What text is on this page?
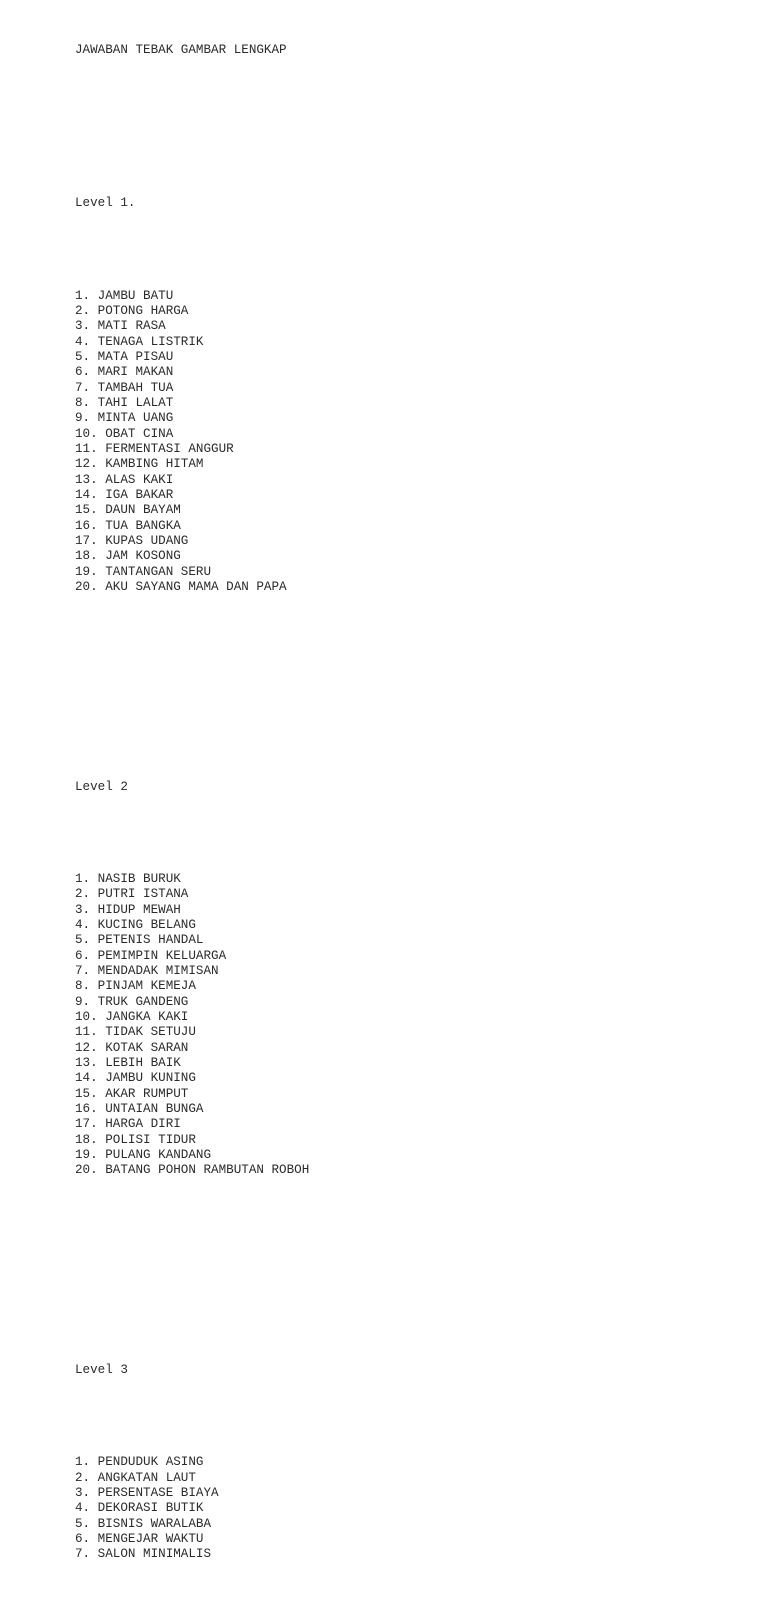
JAWABAN TEBAK GAMBAR LENGKAP

Level 1.

1. JAMBU BATU
2. POTONG HARGA
3. MATI RASA
4. TENAGA LISTRIK
5. MATA PISAU
6. MARI MAKAN
7. TAMBAH TUA
8. TAHI LALAT
9. MINTA UANG
10. OBAT CINA
11. FERMENTASI ANGGUR
12. KAMBING HITAM
13. ALAS KAKI
14. IGA BAKAR
15. DAUN BAYAM
16. TUA BANGKA
17. KUPAS UDANG
18. JAM KOSONG
19. TANTANGAN SERU
20. AKU SAYANG MAMA DAN PAPA

Level 2

1. NASIB BURUK
2. PUTRI ISTANA
3. HIDUP MEWAH
4. KUCING BELANG
5. PETENIS HANDAL
6. PEMIMPIN KELUARGA
7. MENDADAK MIMISAN
8. PINJAM KEMEJA
9. TRUK GANDENG
10. JANGKA KAKI
11. TIDAK SETUJU
12. KOTAK SARAN
13. LEBIH BAIK
14. JAMBU KUNING
15. AKAR RUMPUT
16. UNTAIAN BUNGA
17. HARGA DIRI
18. POLISI TIDUR
19. PULANG KANDANG
20. BATANG POHON RAMBUTAN ROBOH

Level 3

1. PENDUDUK ASING
2. ANGKATAN LAUT
3. PERSENTASE BIAYA
4. DEKORASI BUTIK
5. BISNIS WARALABA
6. MENGEJAR WAKTU
7. SALON MINIMALIS
